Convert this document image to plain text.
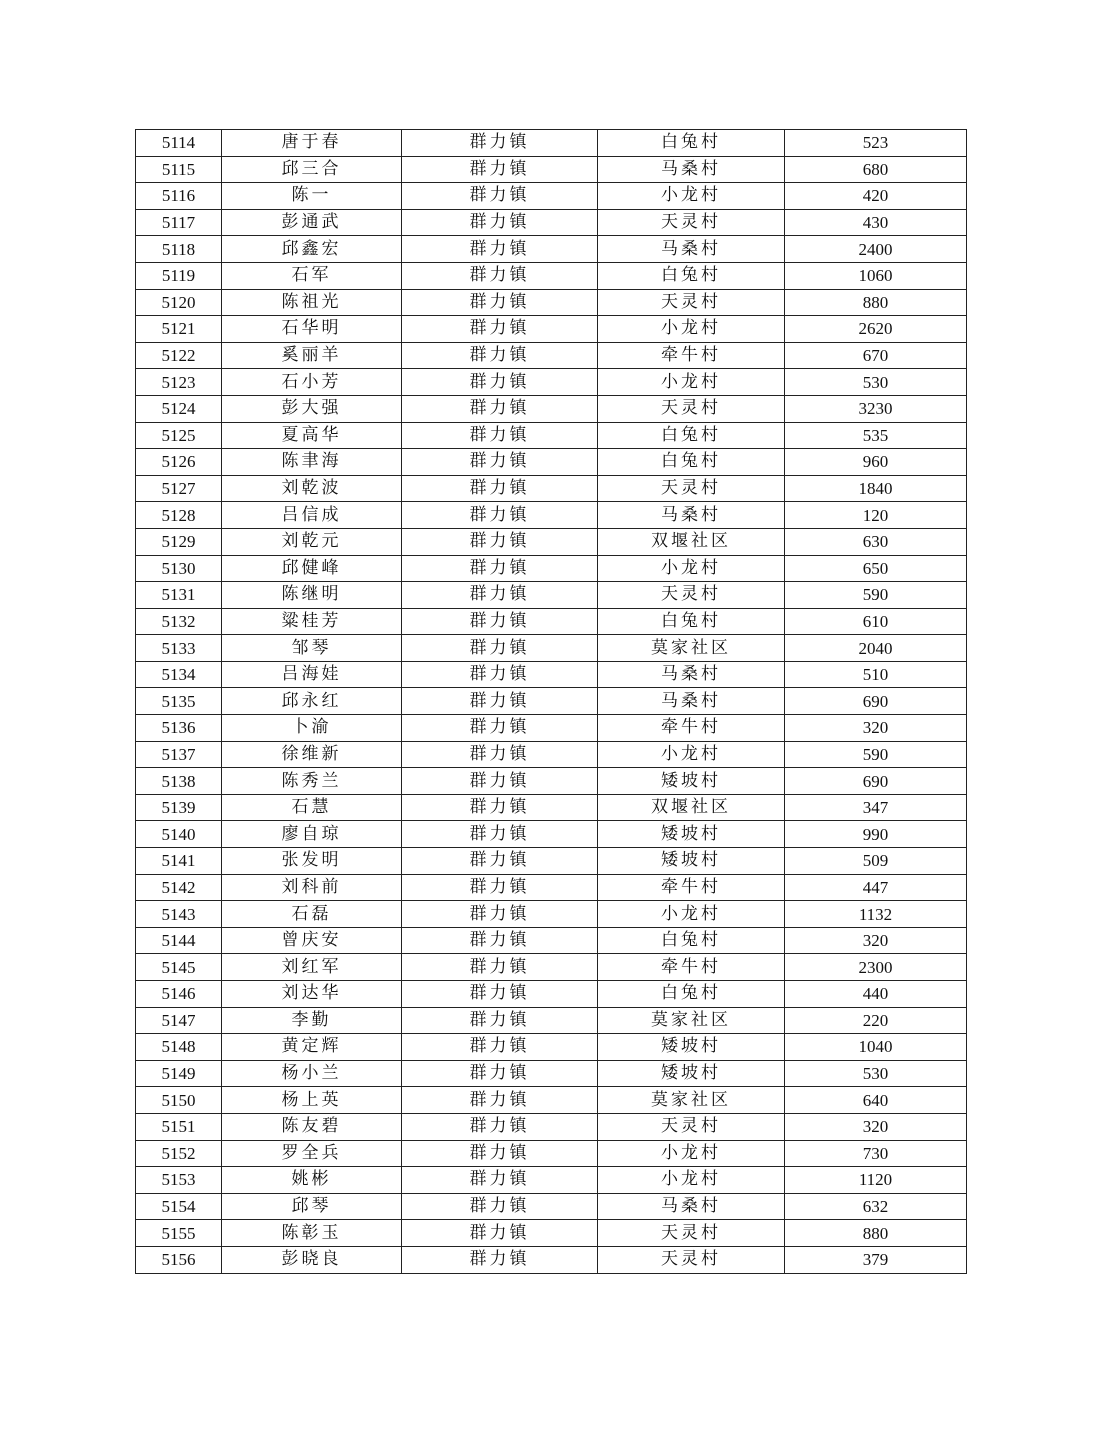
5114	唐于春	群力镇	白兔村	523
5115	邱三合	群力镇	马桑村	680
5116	陈一	群力镇	小龙村	420
5117	彭通武	群力镇	天灵村	430
5118	邱鑫宏	群力镇	马桑村	2400
5119	石军	群力镇	白兔村	1060
5120	陈祖光	群力镇	天灵村	880
5121	石华明	群力镇	小龙村	2620
5122	奚丽羊	群力镇	牵牛村	670
5123	石小芳	群力镇	小龙村	530
5124	彭大强	群力镇	天灵村	3230
5125	夏高华	群力镇	白兔村	535
5126	陈聿海	群力镇	白兔村	960
5127	刘乾波	群力镇	天灵村	1840
5128	吕信成	群力镇	马桑村	120
5129	刘乾元	群力镇	双堰社区	630
5130	邱健峰	群力镇	小龙村	650
5131	陈继明	群力镇	天灵村	590
5132	粱桂芳	群力镇	白兔村	610
5133	邹琴	群力镇	莫家社区	2040
5134	吕海娃	群力镇	马桑村	510
5135	邱永红	群力镇	马桑村	690
5136	卜渝	群力镇	牵牛村	320
5137	徐维新	群力镇	小龙村	590
5138	陈秀兰	群力镇	矮坡村	690
5139	石慧	群力镇	双堰社区	347
5140	廖自琼	群力镇	矮坡村	990
5141	张发明	群力镇	矮坡村	509
5142	刘科前	群力镇	牵牛村	447
5143	石磊	群力镇	小龙村	1132
5144	曾庆安	群力镇	白兔村	320
5145	刘红军	群力镇	牵牛村	2300
5146	刘达华	群力镇	白兔村	440
5147	李勤	群力镇	莫家社区	220
5148	黄定辉	群力镇	矮坡村	1040
5149	杨小兰	群力镇	矮坡村	530
5150	杨上英	群力镇	莫家社区	640
5151	陈友碧	群力镇	天灵村	320
5152	罗全兵	群力镇	小龙村	730
5153	姚彬	群力镇	小龙村	1120
5154	邱琴	群力镇	马桑村	632
5155	陈彰玉	群力镇	天灵村	880
5156	彭晓良	群力镇	天灵村	379
